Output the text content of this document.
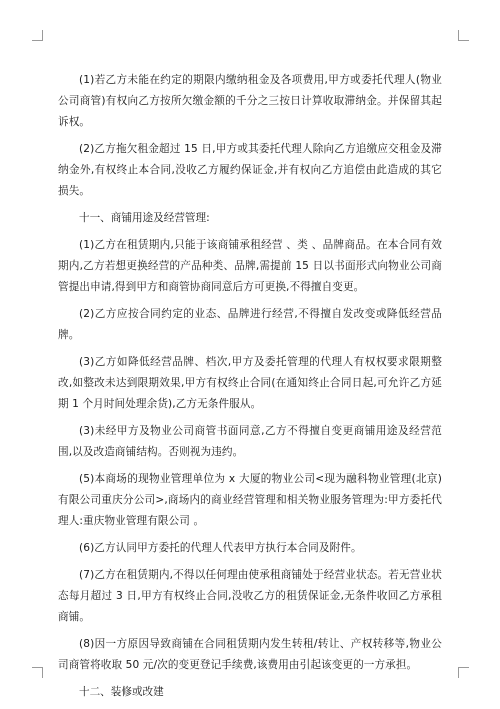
(1)若乙方未能在约定的期限内缴纳租金及各项费用,甲方或委托代理人(物业公司商管)有权向乙方按所欠缴金额的千分之三按日计算收取滞纳金。并保留其起诉权。

(2)乙方拖欠租金超过 15 日,甲方或其委托代理人除向乙方追缴应交租金及滞纳金外,有权终止本合同,没收乙方履约保证金,并有权向乙方追偿由此造成的其它损失。

十一、商铺用途及经营管理:

(1)乙方在租赁期内,只能于该商铺承租经营 、类 、品牌商品。在本合同有效期内,乙方若想更换经营的产品种类、品牌,需提前 15 日以书面形式向物业公司商管提出申请,得到甲方和商管协商同意后方可更换,不得擅自变更。

(2)乙方应按合同约定的业态、品牌进行经营,不得擅自发改变或降低经营品牌。

(3)乙方如降低经营品牌、档次,甲方及委托管理的代理人有权权要求限期整改,如整改未达到限期效果,甲方有权终止合同(在通知终止合同日起,可允许乙方延期 1 个月时间处理余货),乙方无条件服从。

(3)未经甲方及物业公司商管书面同意,乙方不得擅自变更商铺用途及经营范围,以及改造商铺结构。否则视为违约。

(5)本商场的现物业管理单位为 x 大厦的物业公司<现为融科物业管理(北京)有限公司重庆分公司>,商场内的商业经营管理和相关物业服务管理为:甲方委托代理人:重庆物业管理有限公司 。

(6)乙方认同甲方委托的代理人代表甲方执行本合同及附件。

(7)乙方在租赁期内,不得以任何理由使承租商铺处于经营业状态。若无营业状态每月超过 3 日,甲方有权终止合同,没收乙方的租赁保证金,无条件收回乙方承租商铺。

(8)因一方原因导致商铺在合同租赁期内发生转租/转让、产权转移等,物业公司商管将收取 50 元/次的变更登记手续费,该费用由引起该变更的一方承担。

十二、装修或改建
